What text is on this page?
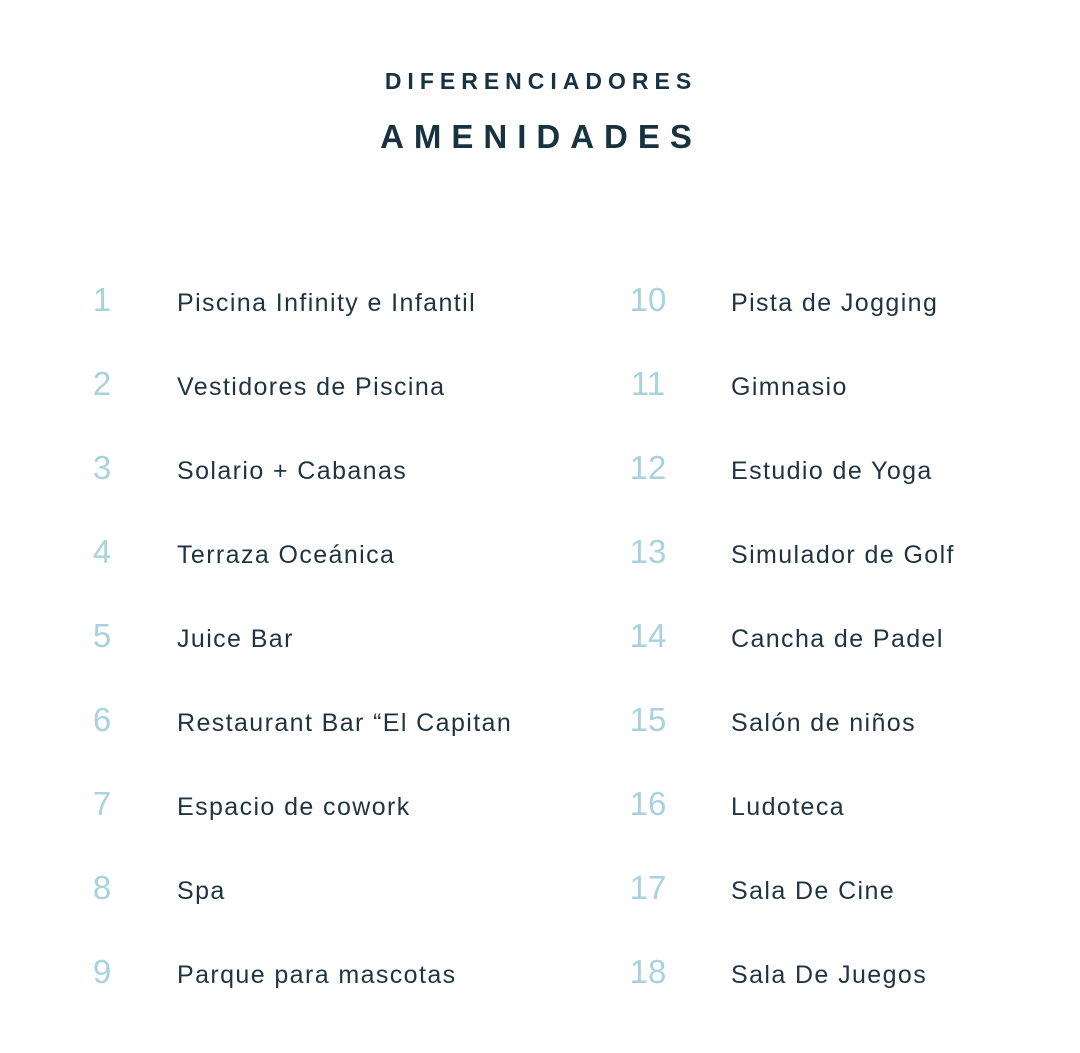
DIFERENCIADORES
AMENIDADES
1	Piscina Infinity e Infantil
2	Vestidores de Piscina
3	Solario + Cabanas
4	Terraza Oceánica
5	Juice Bar
6	Restaurant Bar “El Capitan
7	Espacio de cowork
8	Spa
9	Parque para mascotas
10	Pista de Jogging
11	Gimnasio
12	Estudio de Yoga
13	Simulador de Golf
14	Cancha de Padel
15	Salón de niños
16	Ludoteca
17	Sala De Cine
18	Sala De Juegos
